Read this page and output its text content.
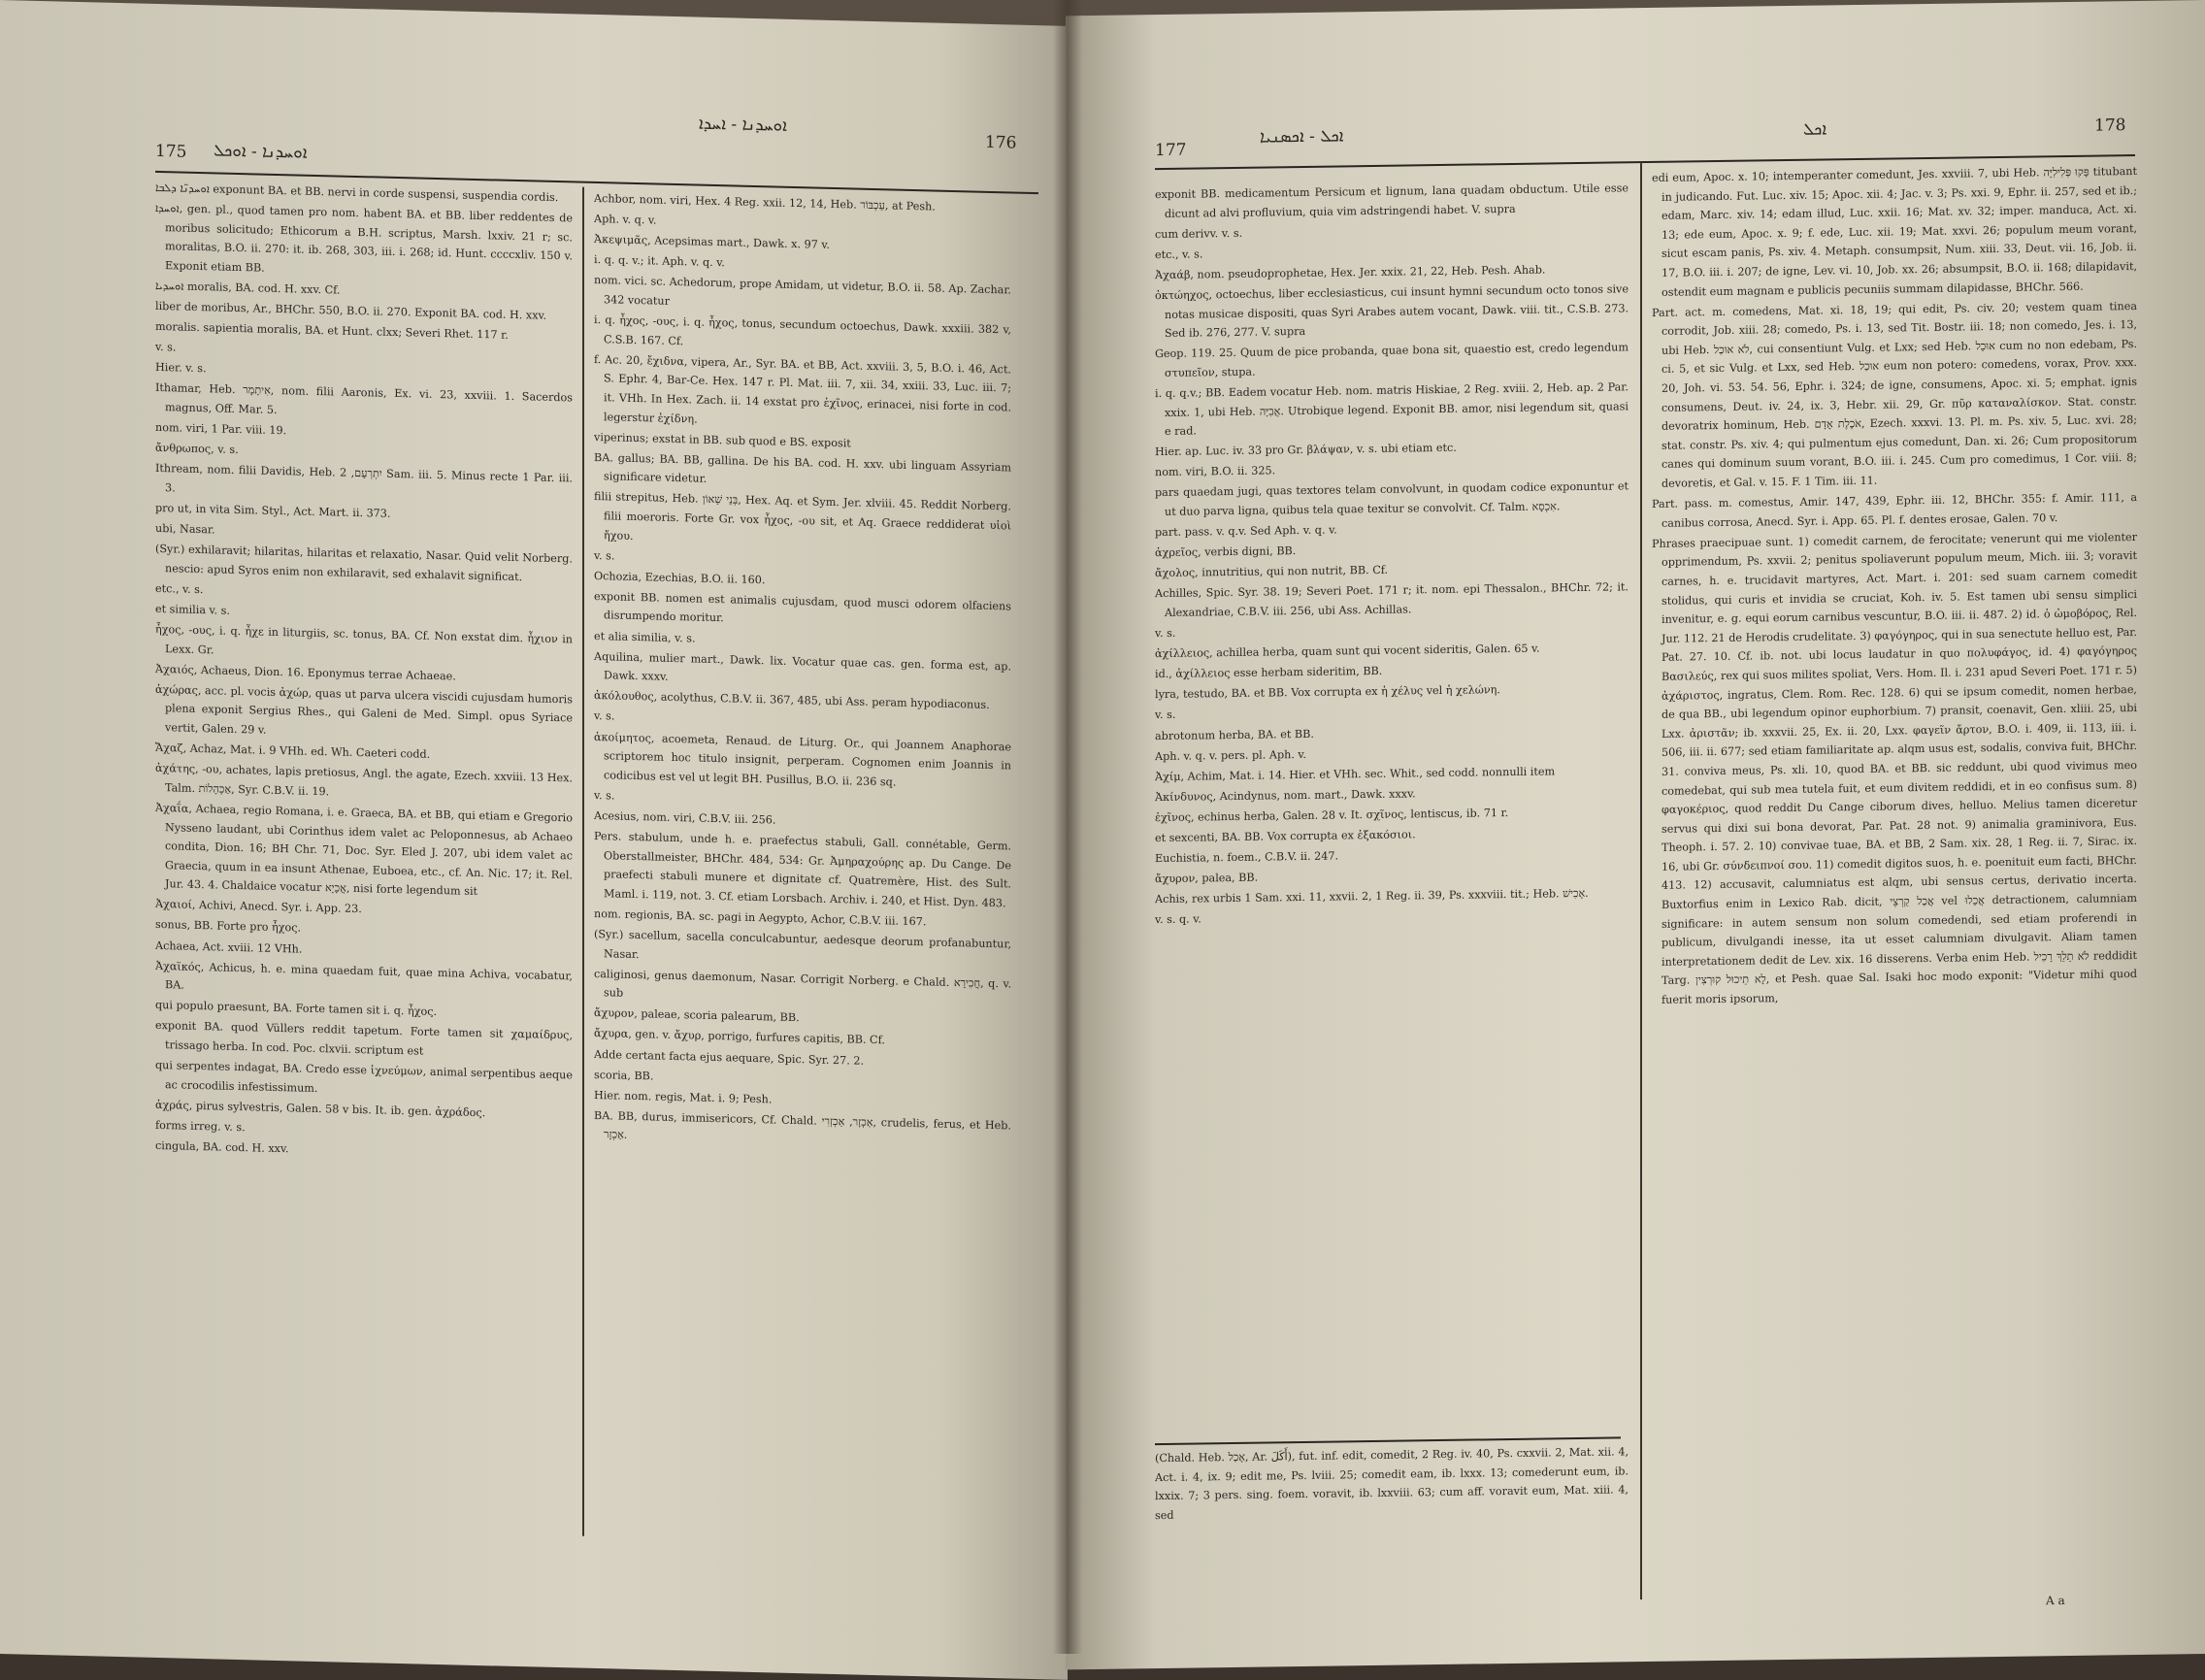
175 ܐܘܚܕܢܐ - ܐܘܟܠ
ܐܘܚܕܢܐ - ܐܚܕܐ
176

ܐܘܚܕܢ̈ܐ ܕܠܒܐ exponunt BA. et BB. nervi in corde suspensi, suspendia cordis.

ܐܘܚܕܐ, gen. pl., quod tamen pro nom. habent BA. et BB. liber reddentes de moribus solicitudo; Ethicorum a B.H. scriptus, Marsh. lxxiv. 21 r; sc. moralitas, B.O. ii. 270: it. ib. 268, 303, iii. i. 268; id. Hunt. ccccxliv. 150 v. Exponit etiam BB.

ܐܘܚܕܝܐ moralis, BA. cod. H. xxv. Cf.

liber de moribus, Ar., BHChr. 550, B.O. ii. 270. Exponit BA. cod. H. xxv.

moralis. sapientia moralis, BA. et Hunt. clxx; Severi Rhet. 117 r.

v. s.

Hier. v. s.

Ithamar, Heb. אִיתָמָר, nom. filii Aaronis, Ex. vi. 23, xxviii. 1. Sacerdos magnus, Off. Mar. 5.

nom. viri, 1 Par. viii. 19.

ἄνθρωπος, v. s.

Ithream, nom. filii Davidis, Heb. יִתְרְעָם, 2 Sam. iii. 5. Minus recte 1 Par. iii. 3.

pro ut, in vita Sim. Styl., Act. Mart. ii. 373.

ubi, Nasar.

(Syr.) exhilaravit; hilaritas, hilaritas et relaxatio, Nasar. Quid velit Norberg. nescio: apud Syros enim non exhilaravit, sed exhalavit significat.

etc., v. s.

et similia v. s.

ἦχος, -ους, i. q. ἦχε in liturgiis, sc. tonus, BA. Cf. Non exstat dim. ἦχιον in Lexx. Gr.

Ἀχαιός, Achaeus, Dion. 16. Eponymus terrae Achaeae.

ἀχώρας, acc. pl. vocis ἀχώρ, quas ut parva ulcera viscidi cujusdam humoris plena exponit Sergius Rhes., qui Galeni de Med. Simpl. opus Syriace vertit, Galen. 29 v.

Ἄχαζ, Achaz, Mat. i. 9 VHh. ed. Wh. Caeteri codd.

ἀχάτης, -ου, achates, lapis pretiosus, Angl. the agate, Ezech. xxviii. 13 Hex. Talm. אַכְהָלוֹת, Syr. C.B.V. ii. 19.

Ἀχαΐα, Achaea, regio Romana, i. e. Graeca, BA. et BB, qui etiam e Gregorio Nysseno laudant, ubi Corinthus idem valet ac Peloponnesus, ab Achaeo condita, Dion. 16; BH Chr. 71, Doc. Syr. Eled J. 207, ubi idem valet ac Graecia, quum in ea insunt Athenae, Euboea, etc., cf. An. Nic. 17; it. Rel. Jur. 43. 4. Chaldaice vocatur אֲכָיָא, nisi forte legendum sit

Ἀχαιοί, Achivi, Anecd. Syr. i. App. 23.

sonus, BB. Forte pro ἦχος.

Achaea, Act. xviii. 12 VHh.

Ἀχαϊκός, Achicus, h. e. mina quaedam fuit, quae mina Achiva, vocabatur, BA.

qui populo praesunt, BA. Forte tamen sit i. q. ἦχος.

exponit BA. quod Vüllers reddit tapetum. Forte tamen sit χαμαίδρυς, trissago herba. In cod. Poc. clxvii. scriptum est

qui serpentes indagat, BA. Credo esse ἰχνεύμων, animal serpentibus aeque ac crocodilis infestissimum.

ἀχράς, pirus sylvestris, Galen. 58 v bis. It. ib. gen. ἀχράδος.

forms irreg. v. s.

cingula, BA. cod. H. xxv.

Achbor, nom. viri, Hex. 4 Reg. xxii. 12, 14, Heb. עַכְבּוֹר, at Pesh.

Aph. v. q. v.

Ἀκεψιμᾶς, Acepsimas mart., Dawk. x. 97 v.

i. q. q. v.; it. Aph. v. q. v.

nom. vici. sc. Achedorum, prope Amidam, ut videtur, B.O. ii. 58. Ap. Zachar. 342 vocatur

i. q. ἦχος, -ους, i. q. ἦχος, tonus, secundum octoechus, Dawk. xxxiii. 382 v, C.S.B. 167. Cf.

f. Ac. 20, ἔχιδνα, vipera, Ar., Syr. BA. et BB, Act. xxviii. 3, 5, B.O. i. 46, Act. S. Ephr. 4, Bar-Ce. Hex. 147 r. Pl. Mat. iii. 7, xii. 34, xxiii. 33, Luc. iii. 7; it. VHh. In Hex. Zach. ii. 14 exstat pro ἐχῖνος, erinacei, nisi forte in cod. legerstur ἐχίδνη.

viperinus; exstat in BB. sub quod e BS. exposit

BA. gallus; BA. BB, gallina. De his BA. cod. H. xxv. ubi linguam Assyriam significare videtur.

filii strepitus, Heb. בְּנֵי שָׁאוֹן, Hex. Aq. et Sym. Jer. xlviii. 45. Reddit Norberg. filii moeroris. Forte Gr. vox ἦχος, -ου sit, et Aq. Graece reddiderat υἱοὶ ἤχου.

v. s.

Ochozia, Ezechias, B.O. ii. 160.

exponit BB. nomen est animalis cujusdam, quod musci odorem olfaciens disrumpendo moritur.

et alia similia, v. s.

Aquilina, mulier mart., Dawk. lix. Vocatur quae cas. gen. forma est, ap. Dawk. xxxv.

ἀκόλουθος, acolythus, C.B.V. ii. 367, 485, ubi Ass. peram hypodiaconus.

v. s.

ἀκοίμητος, acoemeta, Renaud. de Liturg. Or., qui Joannem Anaphorae scriptorem hoc titulo insignit, perperam. Cognomen enim Joannis in codicibus est vel ut legit BH. Pusillus, B.O. ii. 236 sq.

v. s.

Acesius, nom. viri, C.B.V. iii. 256.

Pers. stabulum, unde h. e. praefectus stabuli, Gall. connétable, Germ. Oberstallmeister, BHChr. 484, 534: Gr. Ἀμηραχούρης ap. Du Cange. De praefecti stabuli munere et dignitate cf. Quatremère, Hist. des Sult. Maml. i. 119, not. 3. Cf. etiam Lorsbach. Archiv. i. 240, et Hist. Dyn. 483.

nom. regionis, BA. sc. pagi in Aegypto, Achor, C.B.V. iii. 167.

(Syr.) sacellum, sacella conculcabuntur, aedesque deorum profanabuntur, Nasar.

caliginosi, genus daemonum, Nasar. Corrigit Norberg. e Chald. חֲכִירָא, q. v. sub

ἄχυρον, paleae, scoria palearum, BB.

ἄχυρα, gen. v. ἄχυρ, porrigo, furfures capitis, BB. Cf.

Adde certant facta ejus aequare, Spic. Syr. 27. 2.

scoria, BB.

Hier. nom. regis, Mat. i. 9; Pesh.

BA. BB, durus, immisericors, Cf. Chald. אַכְזָר, אַכְזְרִי, crudelis, ferus, et Heb. אַכְזָר.

177
ܐܟܠ - ܐܟܣܢܝܐ	ܐܟܠ	178

exponit BB. medicamentum Persicum et lignum, lana quadam obductum. Utile esse dicunt ad alvi profluvium, quia vim adstringendi habet. V. supra

cum derivv. v. s.

etc., v. s.

Ἀχαάβ, nom. pseudoprophetae, Hex. Jer. xxix. 21, 22, Heb. Pesh. Ahab.

ὀκτώηχος, octoechus, liber ecclesiasticus, cui insunt hymni secundum octo tonos sive notas musicae dispositi, quas Syri Arabes autem vocant, Dawk. viii. tit., C.S.B. 273. Sed ib. 276, 277. V. supra

Geop. 119. 25. Quum de pice probanda, quae bona sit, quaestio est, credo legendum στυπεῖον, stupa.

i. q. q.v.; BB. Eadem vocatur Heb. nom. matris Hiskiae, 2 Reg. xviii. 2, Heb. ap. 2 Par. xxix. 1, ubi Heb. אֲבִיָּה. Utrobique legend. Exponit BB. amor, nisi legendum sit, quasi e rad.

Hier. ap. Luc. iv. 33 pro Gr. βλάψαν, v. s. ubi etiam etc.

nom. viri, B.O. ii. 325.

pars quaedam jugi, quas textores telam convolvunt, in quodam codice exponuntur et ut duo parva ligna, quibus tela quae texitur se convolvit. Cf. Talm. אִכְסָא.

part. pass. v. q.v. Sed Aph. v. q. v.

ἀχρεῖος, verbis digni, BB.

ἄχολος, innutritius, qui non nutrit, BB. Cf.

Achilles, Spic. Syr. 38. 19; Severi Poet. 171 r; it. nom. epi Thessalon., BHChr. 72; it. Alexandriae, C.B.V. iii. 256, ubi Ass. Achillas.

v. s.

ἀχίλλειος, achillea herba, quam sunt qui vocent sideritis, Galen. 65 v.

id., ἀχίλλειος esse herbam sideritim, BB.

lyra, testudo, BA. et BB. Vox corrupta ex ἡ χέλυς vel ἡ χελώνη.

v. s.

abrotonum herba, BA. et BB.

Aph. v. q. v. pers. pl. Aph. v.

Ἀχίμ, Achim, Mat. i. 14. Hier. et VHh. sec. Whit., sed codd. nonnulli item

Ἀκίνδυνος, Acindynus, nom. mart., Dawk. xxxv.

ἐχῖνος, echinus herba, Galen. 28 v. It. σχῖνος, lentiscus, ib. 71 r.

et sexcenti, BA. BB. Vox corrupta ex ἑξακόσιοι.

Euchistia, n. foem., C.B.V. ii. 247.

ἄχυρον, palea, BB.

Achis, rex urbis 1 Sam. xxi. 11, xxvii. 2, 1 Reg. ii. 39, Ps. xxxviii. tit.; Heb. אָכִישׁ.

v. s. q. v.

(Chald. Heb. אָכַל, Ar. أَكَلَ), fut. inf. edit, comedit, 2 Reg. iv. 40, Ps. cxxvii. 2, Mat. xii. 4, Act. i. 4, ix. 9; edit me, Ps. lviii. 25; comedit eam, ib. lxxx. 13; comederunt eum, ib. lxxix. 7; 3 pers. sing. foem. voravit, ib. lxxviii. 63; cum aff. voravit eum, Mat. xiii. 4, sed

edi eum, Apoc. x. 10; intemperanter comedunt, Jes. xxviii. 7, ubi Heb. פָּקוּ פְּלִילִיָּה titubant in judicando. Fut. Luc. xiv. 15; Apoc. xii. 4; Jac. v. 3; Ps. xxi. 9, Ephr. ii. 257, sed et ib.; edam, Marc. xiv. 14; edam illud, Luc. xxii. 16; Mat. xv. 32; imper. manduca, Act. xi. 13; ede eum, Apoc. x. 9; f. ede, Luc. xii. 19; Mat. xxvi. 26; populum meum vorant, sicut escam panis, Ps. xiv. 4. Metaph. consumpsit, Num. xiii. 33, Deut. vii. 16, Job. ii. 17, B.O. iii. i. 207; de igne, Lev. vi. 10, Job. xx. 26; absumpsit, B.O. ii. 168; dilapidavit, ostendit eum magnam e publicis pecuniis summam dilapidasse, BHChr. 566.

Part. act. m. comedens, Mat. xi. 18, 19; qui edit, Ps. civ. 20; vestem quam tinea corrodit, Job. xiii. 28; comedo, Ps. i. 13, sed Tit. Bostr. iii. 18; non comedo, Jes. i. 13, ubi Heb. לֹא אוּכַל, cui consentiunt Vulg. et Lxx; sed Heb. אוּכַל cum no non edebam, Ps. ci. 5, et sic Vulg. et Lxx, sed Heb. אוּכַל eum non potero: comedens, vorax, Prov. xxx. 20, Joh. vi. 53. 54. 56, Ephr. i. 324; de igne, consumens, Apoc. xi. 5; emphat. ignis consumens, Deut. iv. 24, ix. 3, Hebr. xii. 29, Gr. πῦρ καταναλίσκον. Stat. constr. devoratrix hominum, Heb. אֹכֶלֶת אָדָם, Ezech. xxxvi. 13. Pl. m. Ps. xiv. 5, Luc. xvi. 28; stat. constr. Ps. xiv. 4; qui pulmentum ejus comedunt, Dan. xi. 26; Cum propositorum canes qui dominum suum vorant, B.O. iii. i. 245. Cum pro comedimus, 1 Cor. viii. 8; devoretis, et Gal. v. 15. F. 1 Tim. iii. 11.

Part. pass. m. comestus, Amir. 147, 439, Ephr. iii. 12, BHChr. 355: f. Amir. 111, a canibus corrosa, Anecd. Syr. i. App. 65. Pl. f. dentes erosae, Galen. 70 v.

Phrases praecipuae sunt. 1) comedit carnem, de ferocitate; venerunt qui me violenter opprimendum, Ps. xxvii. 2; penitus spoliaverunt populum meum, Mich. iii. 3; voravit carnes, h. e. trucidavit martyres, Act. Mart. i. 201: sed suam carnem comedit stolidus, qui curis et invidia se cruciat, Koh. iv. 5. Est tamen ubi sensu simplici invenitur, e. g. equi eorum carnibus vescuntur, B.O. iii. ii. 487. 2) id. ὁ ὠμοβόρος, Rel. Jur. 112. 21 de Herodis crudelitate. 3) φαγόγηρος, qui in sua senectute helluo est, Par. Pat. 27. 10. Cf. ib. not. ubi locus laudatur in quo πολυφάγος, id. 4) φαγόγηρος Βασιλεύς, rex qui suos milites spoliat, Vers. Hom. Il. i. 231 apud Severi Poet. 171 r. 5) ἀχάριστος, ingratus, Clem. Rom. Rec. 128. 6) qui se ipsum comedit, nomen herbae, de qua BB., ubi legendum opinor euphorbium. 7) pransit, coenavit, Gen. xliii. 25, ubi Lxx. ἀριστᾶν; ib. xxxvii. 25, Ex. ii. 20, Lxx. φαγεῖν ἄρτον, B.O. i. 409, ii. 113, iii. i. 506, iii. ii. 677; sed etiam familiaritate ap. alqm usus est, sodalis, conviva fuit, BHChr. 31. conviva meus, Ps. xli. 10, quod BA. et BB. sic reddunt, ubi quod vivimus meo comedebat, qui sub mea tutela fuit, et eum divitem reddidi, et in eo confisus sum. 8) φαγοκέριος, quod reddit Du Cange ciborum dives, helluo. Melius tamen diceretur servus qui dixi sui bona devorat, Par. Pat. 28 not. 9) animalia graminivora, Eus. Theoph. i. 57. 2. 10) convivae tuae, BA. et BB, 2 Sam. xix. 28, 1 Reg. ii. 7, Sirac. ix. 16, ubi Gr. σύνδειπνοί σου. 11) comedit digitos suos, h. e. poenituit eum facti, BHChr. 413. 12) accusavit, calumniatus est alqm, ubi sensus certus, derivatio incerta. Buxtorfius enim in Lexico Rab. dicit, אֲכַל קַרְצֵי vel אֲכַלוּ detractionem, calumniam significare: in autem sensum non solum comedendi, sed etiam proferendi in publicum, divulgandi inesse, ita ut esset calumniam divulgavit. Aliam tamen interpretationem dedit de Lev. xix. 16 disserens. Verba enim Heb. לֹא תֵלֵךְ רָכִיל reddidit Targ. לָא תֵיכוּל קוּרְצִין, et Pesh. quae Sal. Isaki hoc modo exponit: "Videtur mihi quod fuerit moris ipsorum,

A a
